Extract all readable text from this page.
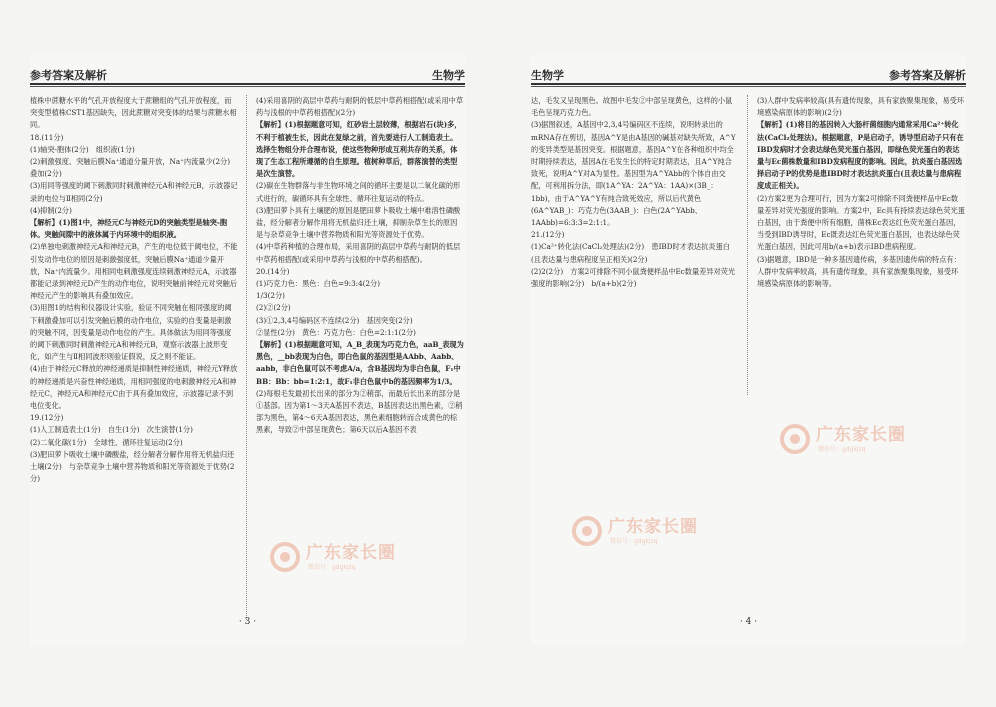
参考答案及解析	生物学

植株中蔗糖水平的气孔开放程度大于蔗糖组的气孔开放程度，而突变型植株CST1基因缺失，因此蔗糖对突变体的结果与蔗糖水相同。

18.(11分)

(1)轴突-胞体(2分)　组织液(1分)

(2)刺激强度、突触后膜Na⁺通道分量开放，Na⁺内流量少(2分)　叠加(2分)

(3)用同等强度的阈下刺激同时刺激神经元A和神经元B，示波器记录的电位与Ⅱ相同(2分)

(4)抑制(2分)

【解析】(1)图1中，神经元C与神经元D的突触类型是轴突-胞体。突触间隙中的液体属于内环境中的组织液。

(2)单独电刺激神经元A和神经元B，产生的电位低于阈电位，不能引发动作电位的原因是刺激强度低，突触后膜Na⁺通道少量开放，Na⁺内流量少。用相同电刺激强度连续刺激神经元A，示波器都能记录到神经元D产生的动作电位，说明突触前神经元对突触后神经元产生的影响具有叠加效应。

(3)用图1的结构和仪器设计实验，验证不同突触在相同强度的阈下刺激叠加可以引发突触后膜的动作电位，实验的自变量是刺激的突触不同，因变量是动作电位的产生。具体做法为用同等强度的阈下刺激同时刺激神经元A和神经元B，观察示波器上波形变化，如产生与Ⅱ相同波形则验证假说，反之则不能证。

(4)由于神经元C释放的神经递质是抑制性神经递质，神经元Y释放的神经递质是兴奋性神经递质，用相同强度的电刺激神经元A和神经元C，神经元A和神经元C由于具有叠加效应，示波器记录不到电位变化。

19.(12分)

(1)人工制造表土(1分)　自生(1分)　次生演替(1分)

(2)二氧化碳(1分)　全球性、循环往复运动(2分)

(3)肥田萝卜吸收土壤中磷酸盐，经分解者分解作用将无机盐归还土壤(2分)　与杂草竞争土壤中营养物质和阳光等资源处于优势(2分)

(4)采用喜阴的高层中草药与耐阴的低层中草药相搭配(或采用中草药与浅根的中草药相搭配)(2分)

【解析】(1)根据题意可知，红砂岩土层较薄，根据岩石(块)多，不利于植被生长，因此在复绿之前，首先要进行人工制造表土。选择生物组分并合理布设，使这些物种形成互利共存的关系，体现了生态工程所遵循的自生原理。植树种草后，群落演替的类型是次生演替。

(2)碳在生物群落与非生物环境之间的循环主要是以二氧化碳的形式进行的，碳循环具有全球性、循环往复运动的特点。

(3)肥田萝卜具有土壤肥的原因是肥田萝卜吸收土壤中难溶性磷酸盐，经分解者分解作用将无机盐归还土壤，抑制杂草生长的原因是与杂草竞争土壤中营养物质和阳光等资源处于优势。

(4)中草药种植的合理布局，采用喜阴的高层中草药与耐阴的低层中草药相搭配(或采用中草药与浅根的中草药相搭配)。

20.(14分)

(1)巧克力色：黑色：白色=9:3:4(2分)

1/3(2分)

(2)②(2分)

(3)①2,3,4号编码区不连续(2分)　基因突变(2分)

②显性(2分)　黄色：巧克力色：白色=2:1:1(2分)

【解析】(1)根据题意可知，A_B_表现为巧克力色，aaB_表现为黑色，__bb表现为白色，即白色鼠的基因型是AAbb、Aabb、aabb，非白色鼠可以不考虑A/a，含B基因均为非白色鼠，F₁中BB：Bb：bb=1:2:1，故F₁非白色鼠中b的基因频率为1/3。

(2)每根毛发最初长出来的部分为②稍部，而最后长出来的部分是①基部。因为第1～3天A基因不表达，B基因表达出黑色素，②稍部为黑色，第4～6天A基因表达，黑色素细胞转而合成黄色的棕黑素，导致②中部呈现黄色；第6天以后A基因不表

· 3 ·
生物学	参考答案及解析

达，毛发又呈现黑色。故图中毛发②中部呈现黄色，这样的小鼠毛色呈现巧克力色。

(3)据图叙述，A基因中2,3,4号编码区不连续，说明转录出的mRNA存在剪切，基因A^Y是由A基因的碱基对缺失所致，A^Y的变异类型是基因突变。根据题意，基因A^Y在各种组织中均全时期持续表达，基因A在毛发生长的特定时期表达，且A^Y纯合致死，说明A^Y对A为显性。基因型为A^YAbb的个体自由交配，可利用拆分法，即(1A^YA：2A^YA：1AA)×(3B_：1bb)，由于A^YA^Y有纯合致死效应，所以后代黄色(6A^YAB_)：巧克力色(3AAB_)：白色(2A^YAbb、1AAbb)=6:3:3=2:1:1。

21.(12分)

(1)Ca²⁺转化法(CaCl₂处理法)(2分)　患IBD时才表达抗炎蛋白(且表达量与患病程度呈正相关)(2分)

(2)2(2分)　方案2可排除不同小鼠粪便样品中Ec数量差异对荧光强度的影响(2分)　b/(a+b)(2分)

(3)人群中发病率较高(具有遗传现象，具有家族聚集现象，易受环境感染病原体的影响)(2分)

【解析】(1)将目的基因转入大肠杆菌细胞内通常采用Ca²⁺转化法(CaCl₂处理法)。根据题意，P是启动子，诱导型启动子只有在IBD发病时才会表达绿色荧光蛋白基因，即绿色荧光蛋白的表达量与Ec菌株数量和IBD发病程度的影响。因此，抗炎蛋白基因选择启动子P的优势是患IBD时才表达抗炎蛋白(且表达量与患病程度成正相关)。

(2)方案2更为合理可行，因为方案2可排除不同粪便样品中Ec数量差异对荧光强度的影响。方案2中，Ec具有持续表达绿色荧光蛋白基因，由于粪便中所有细胞，菌株Ec表达红色荧光蛋白基因，当受到IBD诱导时，Ec既表达红色荧光蛋白基因，也表达绿色荧光蛋白基因，因此可用b/(a+b)表示IBD患病程度。

(3)据题意，IBD是一种多基因遗传病，多基因遗传病的特点有：人群中发病率较高，具有遗传现象，具有家族聚集现象，易受环境感染病原体的影响等。

· 4 ·
广东家长圈
微信号：gdgkjzq
广东家长圈
微信号：gdgkjzq
广东家长圈
微信号：gdgkjzq
